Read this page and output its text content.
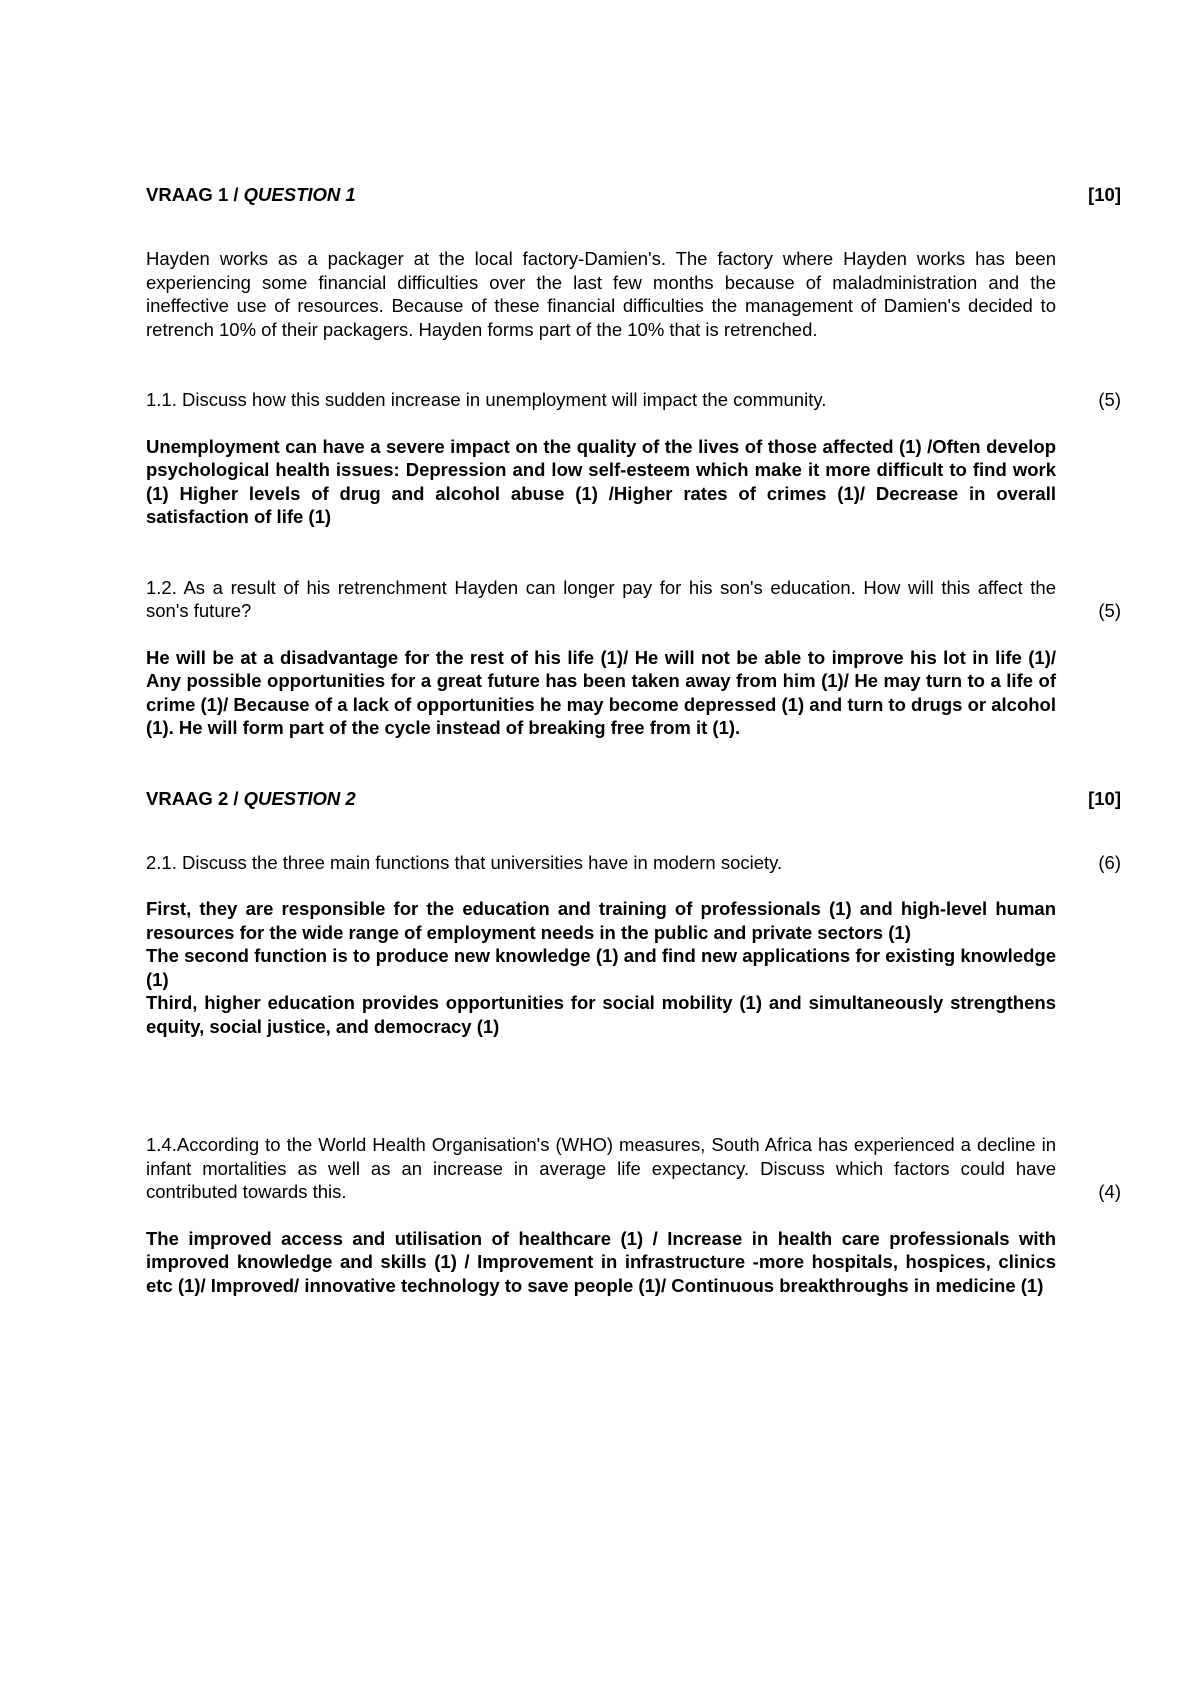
VRAAG 1 / QUESTION 1	[10]

Hayden works as a packager at the local factory-Damien's. The factory where Hayden works has been experiencing some financial difficulties over the last few months because of maladministration and the ineffective use of resources. Because of these financial difficulties the management of Damien's decided to retrench 10% of their packagers. Hayden forms part of the 10% that is retrenched.

1.1. Discuss how this sudden increase in unemployment will impact the community.	(5)

Unemployment can have a severe impact on the quality of the lives of those affected (1) /Often develop psychological health issues: Depression and low self-esteem which make it more difficult to find work (1) Higher levels of drug and alcohol abuse (1) /Higher rates of crimes (1)/ Decrease in overall satisfaction of life (1)

1.2. As a result of his retrenchment Hayden can longer pay for his son's education. How will this affect the son's future?	(5)

He will be at a disadvantage for the rest of his life (1)/ He will not be able to improve his lot in life (1)/ Any possible opportunities for a great future has been taken away from him (1)/ He may turn to a life of crime (1)/ Because of a lack of opportunities he may become depressed (1) and turn to drugs or alcohol (1). He will form part of the cycle instead of breaking free from it (1).

VRAAG 2 / QUESTION 2	[10]
2.1. Discuss the three main functions that universities have in modern society.	(6)
First, they are responsible for the education and training of professionals (1) and high-level human resources for the wide range of employment needs in the public and private sectors (1)
The second function is to produce new knowledge (1) and find new applications for existing knowledge (1)
Third, higher education provides opportunities for social mobility (1) and simultaneously strengthens equity, social justice, and democracy (1)
1.4.According to the World Health Organisation's (WHO) measures, South Africa has experienced a decline in infant mortalities as well as an increase in average life expectancy. Discuss which factors could have contributed towards this.	(4)

The improved access and utilisation of healthcare (1) / Increase in health care professionals with improved knowledge and skills (1) / Improvement in infrastructure -more hospitals, hospices, clinics etc (1)/ Improved/ innovative technology to save people (1)/ Continuous breakthroughs in medicine (1)
